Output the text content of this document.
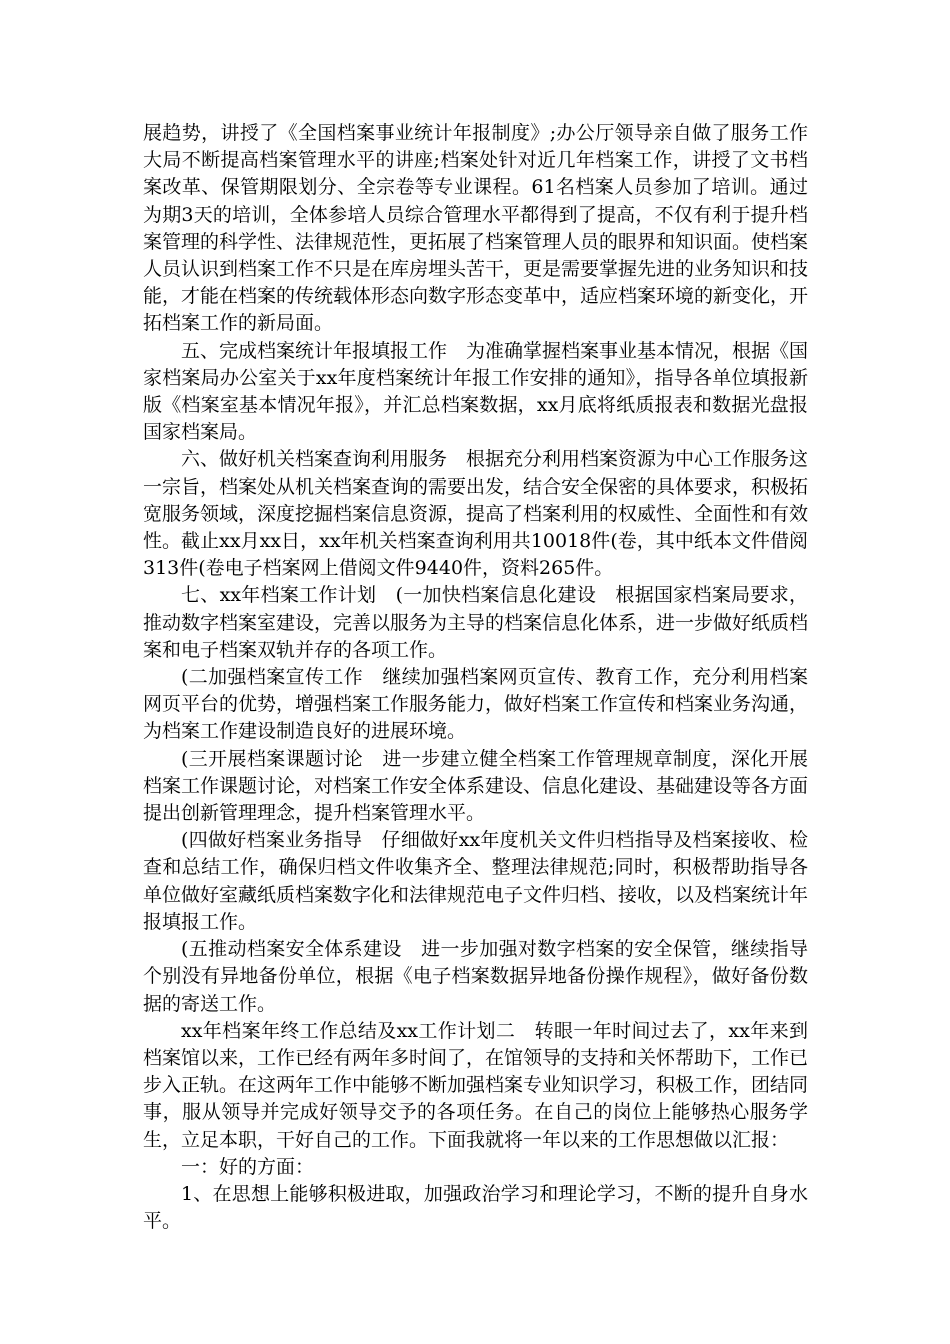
展趋势，讲授了《全国档案事业统计年报制度》;办公厅领导亲自做了服务工作大局不断提高档案管理水平的讲座;档案处针对近几年档案工作，讲授了文书档案改革、保管期限划分、全宗卷等专业课程。61名档案人员参加了培训。通过为期3天的培训，全体参培人员综合管理水平都得到了提高，不仅有利于提升档案管理的科学性、法律规范性，更拓展了档案管理人员的眼界和知识面。使档案人员认识到档案工作不只是在库房埋头苦干，更是需要掌握先进的业务知识和技能，才能在档案的传统载体形态向数字形态变革中，适应档案环境的新变化，开拓档案工作的新局面。

五、完成档案统计年报填报工作　为准确掌握档案事业基本情况，根据《国家档案局办公室关于xx年度档案统计年报工作安排的通知》，指导各单位填报新版《档案室基本情况年报》，并汇总档案数据，xx月底将纸质报表和数据光盘报国家档案局。

六、做好机关档案查询利用服务　根据充分利用档案资源为中心工作服务这一宗旨，档案处从机关档案查询的需要出发，结合安全保密的具体要求，积极拓宽服务领域，深度挖掘档案信息资源，提高了档案利用的权威性、全面性和有效性。截止xx月xx日，xx年机关档案查询利用共10018件(卷，其中纸本文件借阅313件(卷电子档案网上借阅文件9440件，资料265件。

七、xx年档案工作计划　(一加快档案信息化建设　根据国家档案局要求，推动数字档案室建设，完善以服务为主导的档案信息化体系，进一步做好纸质档案和电子档案双轨并存的各项工作。

(二加强档案宣传工作　继续加强档案网页宣传、教育工作，充分利用档案网页平台的优势，增强档案工作服务能力，做好档案工作宣传和档案业务沟通，为档案工作建设制造良好的进展环境。

(三开展档案课题讨论　进一步建立健全档案工作管理规章制度，深化开展档案工作课题讨论，对档案工作安全体系建设、信息化建设、基础建设等各方面提出创新管理理念，提升档案管理水平。

(四做好档案业务指导　仔细做好xx年度机关文件归档指导及档案接收、检查和总结工作，确保归档文件收集齐全、整理法律规范;同时，积极帮助指导各单位做好室藏纸质档案数字化和法律规范电子文件归档、接收，以及档案统计年报填报工作。

(五推动档案安全体系建设　进一步加强对数字档案的安全保管，继续指导个别没有异地备份单位，根据《电子档案数据异地备份操作规程》，做好备份数据的寄送工作。

xx年档案年终工作总结及xx工作计划二　转眼一年时间过去了，xx年来到档案馆以来，工作已经有两年多时间了，在馆领导的支持和关怀帮助下，工作已步入正轨。在这两年工作中能够不断加强档案专业知识学习，积极工作，团结同事，服从领导并完成好领导交予的各项任务。在自己的岗位上能够热心服务学生，立足本职，干好自己的工作。下面我就将一年以来的工作思想做以汇报：

一：好的方面：

1、在思想上能够积极进取，加强政治学习和理论学习，不断的提升自身水平。
